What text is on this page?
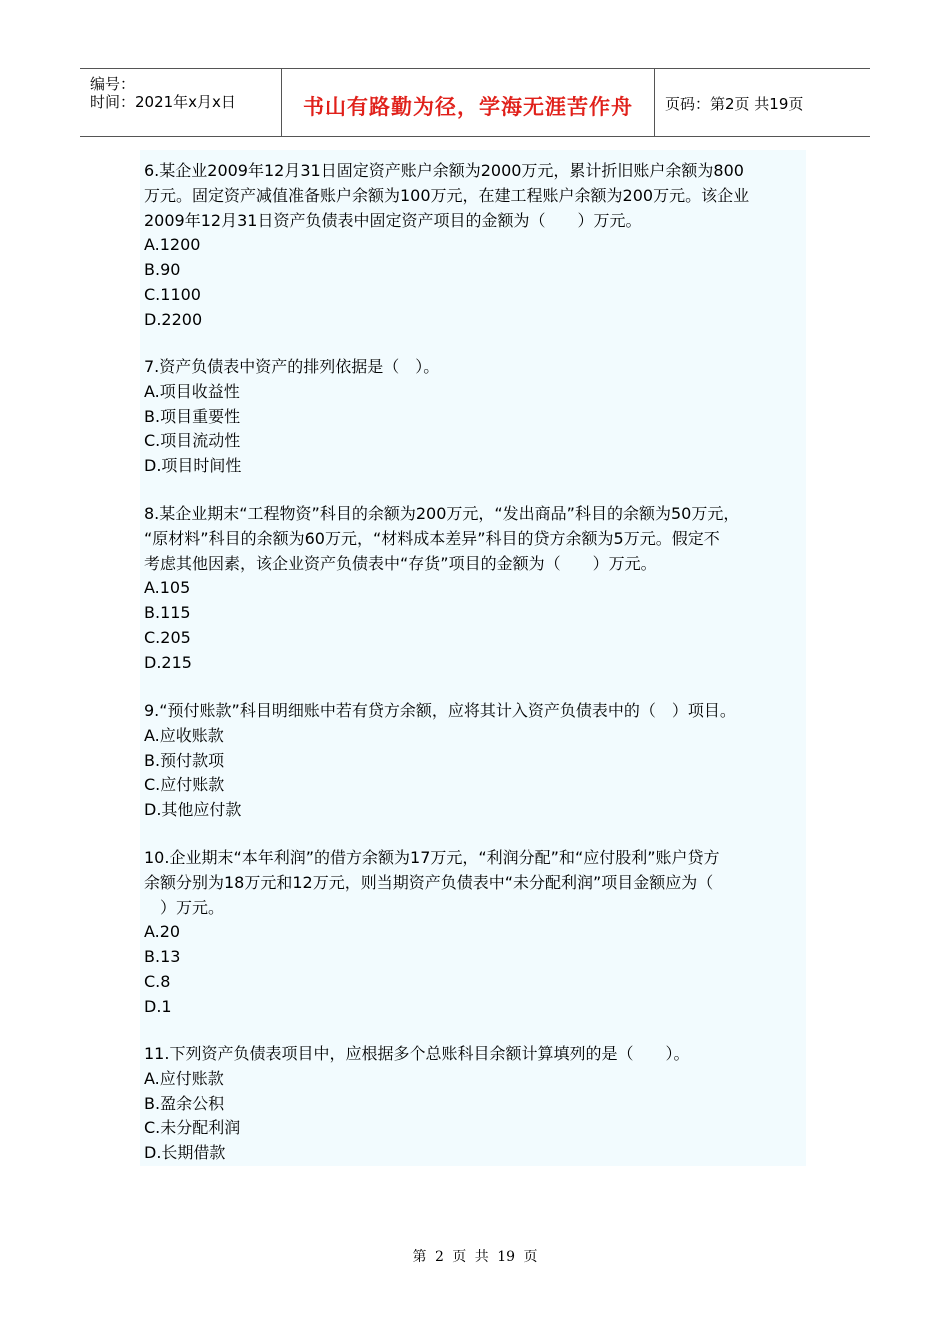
编号：
时间：2021年x月x日	书山有路勤为径，学海无涯苦作舟	页码：第2页 共19页
6.某企业2009年12月31日固定资产账户余额为2000万元，累计折旧账户余额为800
万元。固定资产减值准备账户余额为100万元，在建工程账户余额为200万元。该企业
2009年12月31日资产负债表中固定资产项目的金额为（　　）万元。
A.1200
B.90
C.1100
D.2200
7.资产负债表中资产的排列依据是（　）。
A.项目收益性
B.项目重要性
C.项目流动性
D.项目时间性
8.某企业期末“工程物资”科目的余额为200万元，“发出商品”科目的余额为50万元，
“原材料”科目的余额为60万元，“材料成本差异”科目的贷方余额为5万元。假定不
考虑其他因素，该企业资产负债表中“存货”项目的金额为（　　）万元。
A.105
B.115
C.205
D.215
9.“预付账款”科目明细账中若有贷方余额，应将其计入资产负债表中的（　）项目。
A.应收账款
B.预付款项
C.应付账款
D.其他应付款
10.企业期末“本年利润”的借方余额为17万元，“利润分配”和“应付股利”账户贷方
余额分别为18万元和12万元，则当期资产负债表中“未分配利润”项目金额应为（
　）万元。
A.20
B.13
C.8
D.1
11.下列资产负债表项目中，应根据多个总账科目余额计算填列的是（　　）。
A.应付账款
B.盈余公积
C.未分配利润
D.长期借款
第 2 页 共 19 页
